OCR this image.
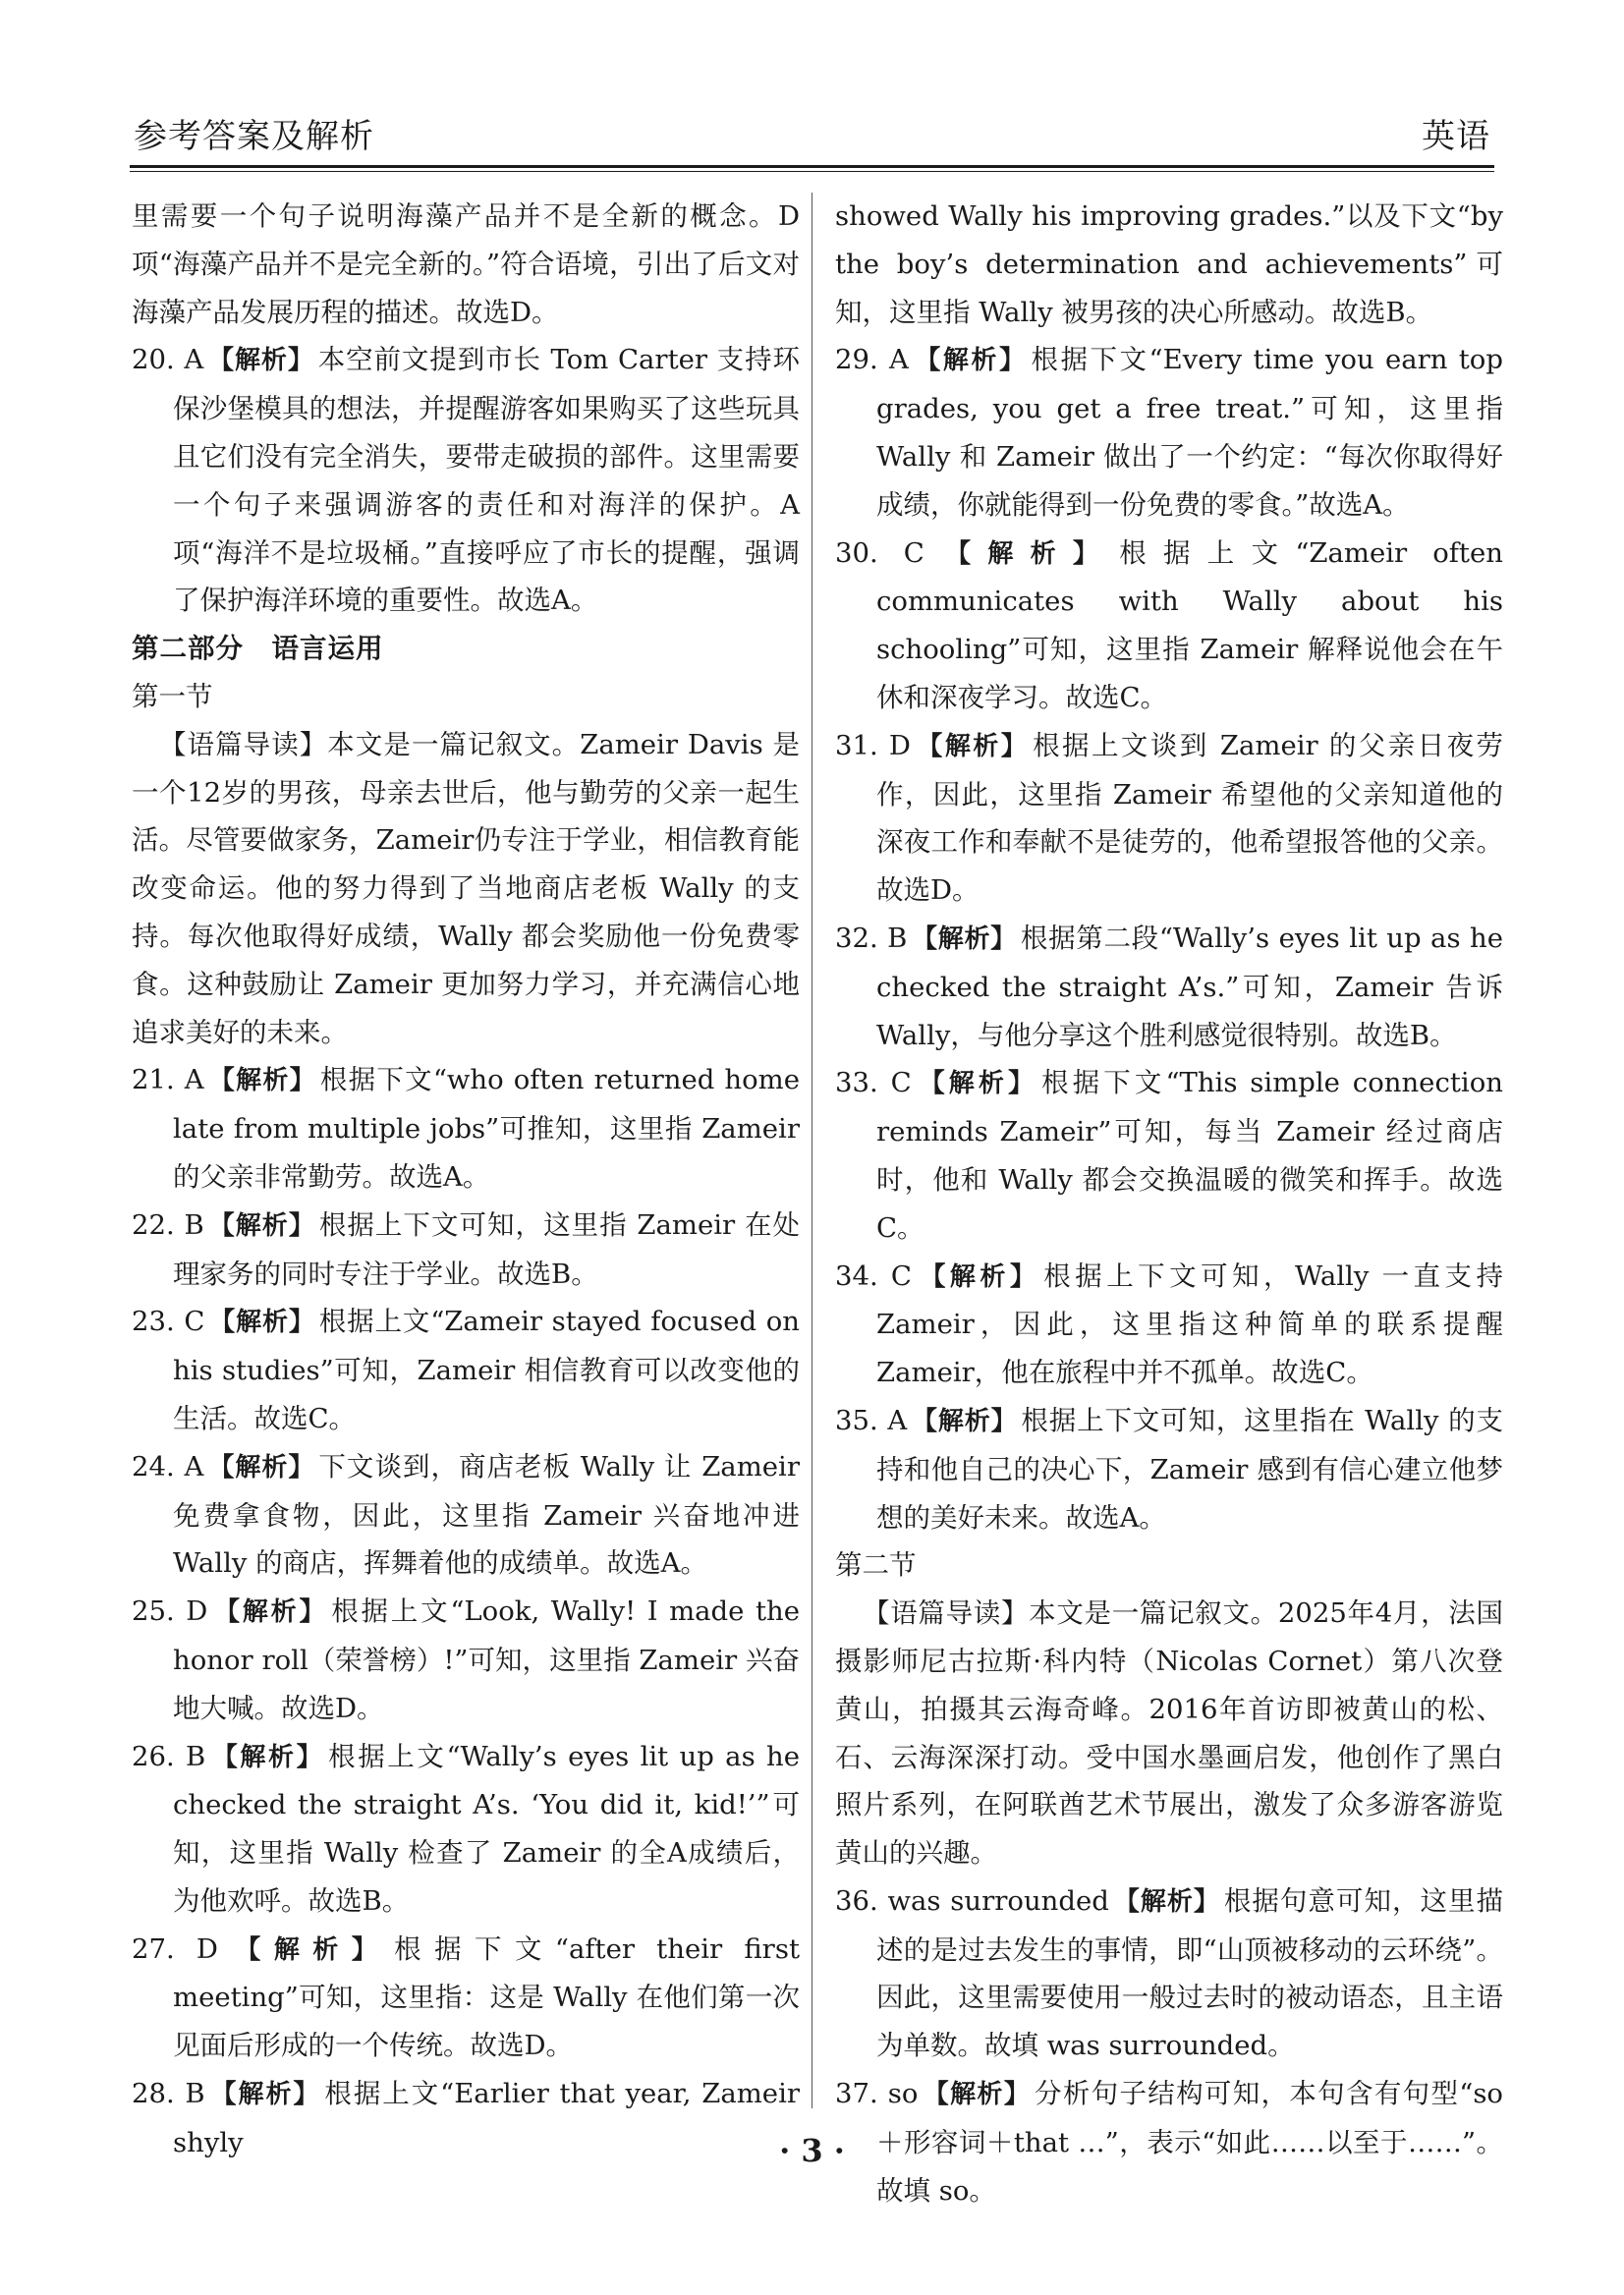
参考答案及解析	英语
里需要一个句子说明海藻产品并不是全新的概念。D项“海藻产品并不是完全新的。”符合语境，引出了后文对海藻产品发展历程的描述。故选D。
20. A 【解析】 本空前文提到市长 Tom Carter 支持环保沙堡模具的想法，并提醒游客如果购买了这些玩具且它们没有完全消失，要带走破损的部件。这里需要一个句子来强调游客的责任和对海洋的保护。A项“海洋不是垃圾桶。”直接呼应了市长的提醒，强调了保护海洋环境的重要性。故选A。
第二部分　语言运用
第一节
【语篇导读】本文是一篇记叙文。Zameir Davis 是一个12岁的男孩，母亲去世后，他与勤劳的父亲一起生活。尽管要做家务，Zameir仍专注于学业，相信教育能改变命运。他的努力得到了当地商店老板 Wally 的支持。每次他取得好成绩，Wally 都会奖励他一份免费零食。这种鼓励让 Zameir 更加努力学习，并充满信心地追求美好的未来。
21. A 【解析】 根据下文“who often returned home late from multiple jobs”可推知，这里指 Zameir 的父亲非常勤劳。故选A。
22. B 【解析】 根据上下文可知，这里指 Zameir 在处理家务的同时专注于学业。故选B。
23. C 【解析】 根据上文“Zameir stayed focused on his studies”可知，Zameir 相信教育可以改变他的生活。故选C。
24. A 【解析】 下文谈到，商店老板 Wally 让 Zameir 免费拿食物，因此，这里指 Zameir 兴奋地冲进 Wally 的商店，挥舞着他的成绩单。故选A。
25. D 【解析】 根据上文“Look, Wally! I made the honor roll（荣誉榜）!”可知，这里指 Zameir 兴奋地大喊。故选D。
26. B 【解析】 根据上文“Wally’s eyes lit up as he checked the straight A’s. ‘You did it, kid!’”可知，这里指 Wally 检查了 Zameir 的全A成绩后，为他欢呼。故选B。
27. D 【解析】 根据下文“after their first meeting”可知，这里指：这是 Wally 在他们第一次见面后形成的一个传统。故选D。
28. B 【解析】 根据上文“Earlier that year, Zameir shyly
showed Wally his improving grades.”以及下文“by the boy’s determination and achievements”可知，这里指 Wally 被男孩的决心所感动。故选B。
29. A 【解析】 根据下文“Every time you earn top grades, you get a free treat.”可知，这里指 Wally 和 Zameir 做出了一个约定：“每次你取得好成绩，你就能得到一份免费的零食。”故选A。
30. C 【解析】 根据上文“Zameir often communicates with Wally about his schooling”可知，这里指 Zameir 解释说他会在午休和深夜学习。故选C。
31. D 【解析】 根据上文谈到 Zameir 的父亲日夜劳作，因此，这里指 Zameir 希望他的父亲知道他的深夜工作和奉献不是徒劳的，他希望报答他的父亲。故选D。
32. B 【解析】 根据第二段“Wally’s eyes lit up as he checked the straight A’s.”可知，Zameir 告诉 Wally，与他分享这个胜利感觉很特别。故选B。
33. C 【解析】 根据下文“This simple connection reminds Zameir”可知，每当 Zameir 经过商店时，他和 Wally 都会交换温暖的微笑和挥手。故选C。
34. C 【解析】 根据上下文可知，Wally 一直支持 Zameir，因此，这里指这种简单的联系提醒 Zameir，他在旅程中并不孤单。故选C。
35. A 【解析】 根据上下文可知，这里指在 Wally 的支持和他自己的决心下，Zameir 感到有信心建立他梦想的美好未来。故选A。
第二节
【语篇导读】本文是一篇记叙文。2025年4月，法国摄影师尼古拉斯·科内特（Nicolas Cornet）第八次登黄山，拍摄其云海奇峰。2016年首访即被黄山的松、石、云海深深打动。受中国水墨画启发，他创作了黑白照片系列，在阿联酋艺术节展出，激发了众多游客游览黄山的兴趣。
36. was surrounded 【解析】 根据句意可知，这里描述的是过去发生的事情，即“山顶被移动的云环绕”。因此，这里需要使用一般过去时的被动语态，且主语为单数。故填 was surrounded。
37. so 【解析】 分析句子结构可知，本句含有句型“so ＋形容词＋that …”，表示“如此……以至于……”。故填 so。
· 3 ·
